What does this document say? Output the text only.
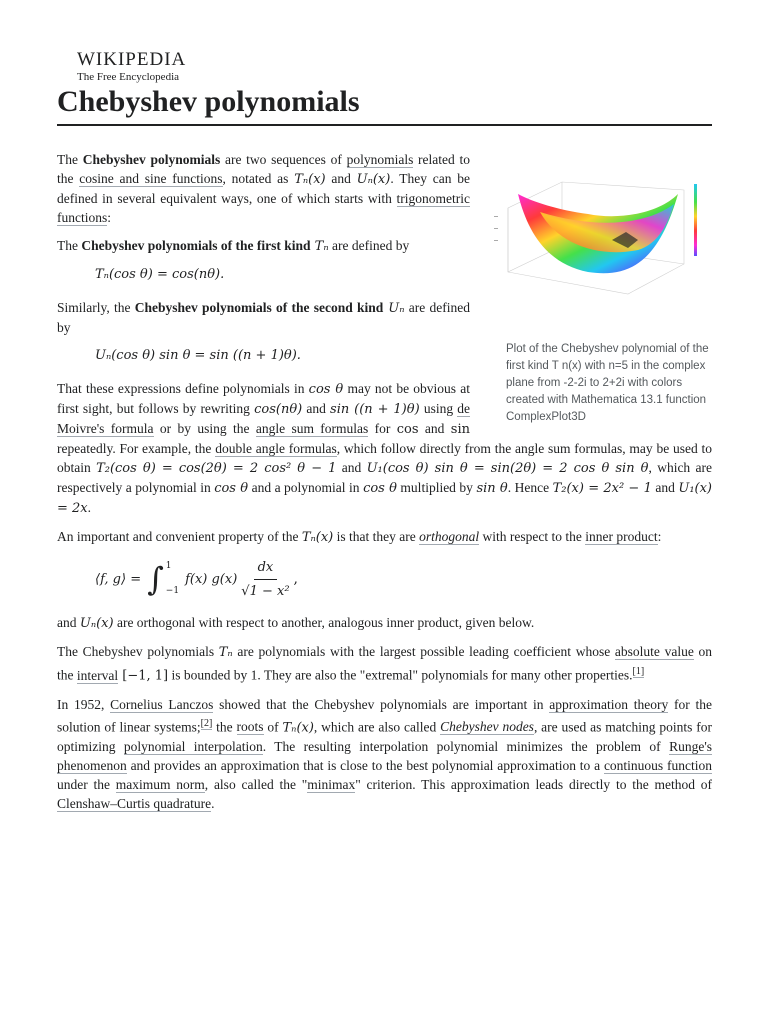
WIKIPEDIA
The Free Encyclopedia
Chebyshev polynomials
Plot of the Chebyshev polynomial of the first kind T n(x) with n=5 in the complex plane from -2-2i to 2+2i with colors created with Mathematica 13.1 function ComplexPlot3D

The Chebyshev polynomials are two sequences of polynomials related to the cosine and sine functions, notated as Tₙ(x) and Uₙ(x). They can be defined in several equivalent ways, one of which starts with trigonometric functions:

The Chebyshev polynomials of the first kind Tₙ are defined by

Tₙ(cos θ) = cos(nθ).

Similarly, the Chebyshev polynomials of the second kind Uₙ are defined by

Uₙ(cos θ) sin θ = sin ((n + 1)θ).

That these expressions define polynomials in cos θ may not be obvious at first sight, but follows by rewriting cos(nθ) and sin ((n + 1)θ) using de Moivre's formula or by using the angle sum formulas for cos and sin repeatedly. For example, the double angle formulas, which follow directly from the angle sum formulas, may be used to obtain T₂(cos θ) = cos(2θ) = 2 cos² θ − 1 and U₁(cos θ) sin θ = sin(2θ) = 2 cos θ sin θ, which are respectively a polynomial in cos θ and a polynomial in cos θ multiplied by sin θ. Hence T₂(x) = 2x² − 1 and U₁(x) = 2x.

An important and convenient property of the Tₙ(x) is that they are orthogonal with respect to the inner product:

⟨f, g⟩ = ∫ 1
−1
f(x) $g(x) \frac{dx}{\text{√1 − x²}}$ ,

and Uₙ(x) are orthogonal with respect to another, analogous inner product, given below.

The Chebyshev polynomials Tₙ are polynomials with the largest possible leading coefficient whose absolute value on the interval [−1, 1] is bounded by 1. They are also the "extremal" polynomials for many other properties.[1]

In 1952, Cornelius Lanczos showed that the Chebyshev polynomials are important in approximation theory for the solution of linear systems;[2] the roots of Tₙ(x), which are also called Chebyshev nodes, are used as matching points for optimizing polynomial interpolation. The resulting interpolation polynomial minimizes the problem of Runge's phenomenon and provides an approximation that is close to the best polynomial approximation to a continuous function under the maximum norm, also called the "minimax" criterion. This approximation leads directly to the method of Clenshaw–Curtis quadrature.
